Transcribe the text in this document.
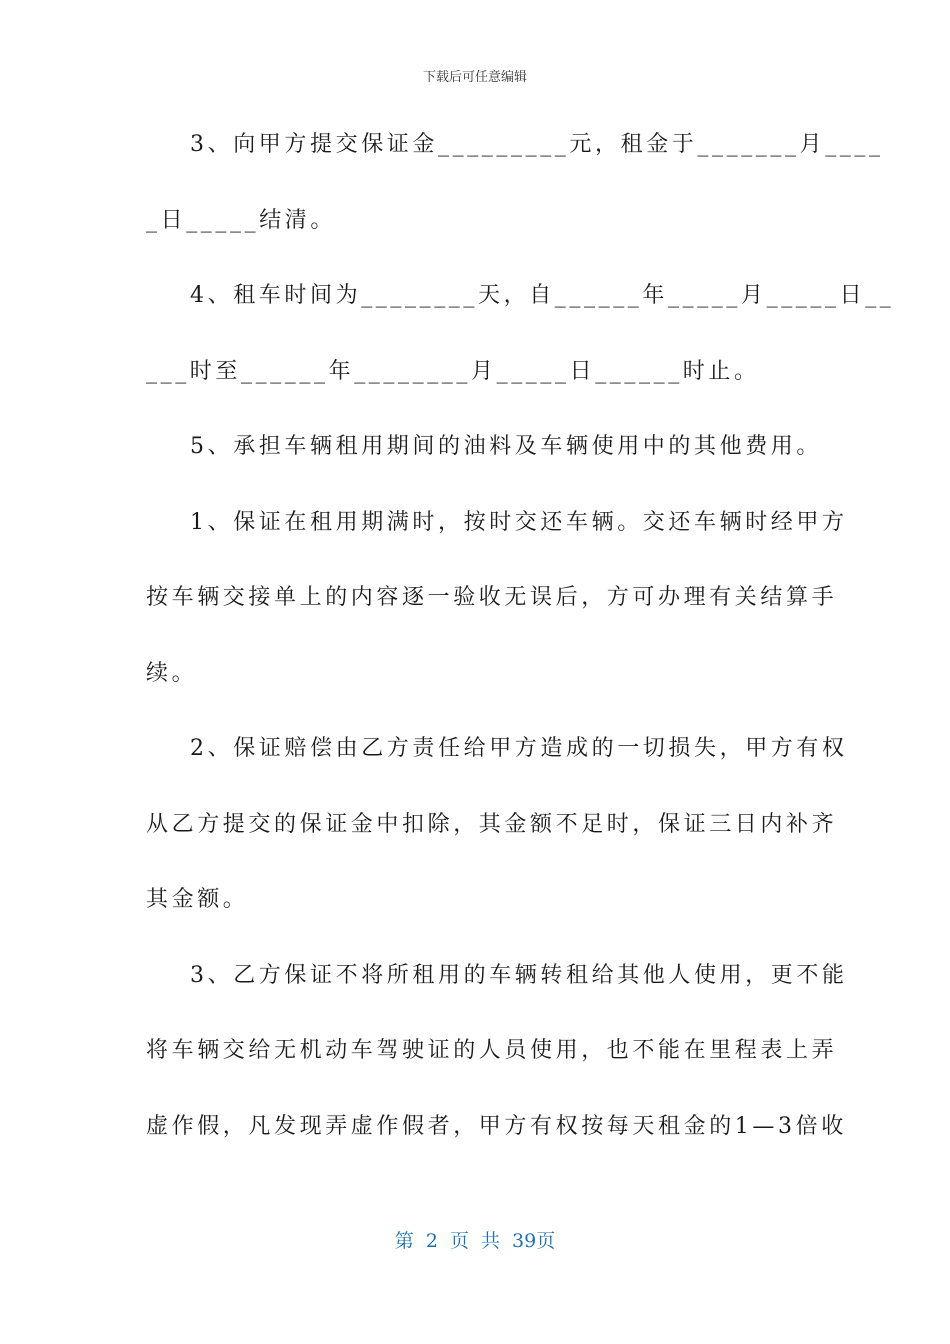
下载后可任意编辑
3、向甲方提交保证金_________元，租金于_______月____
_日_____结清。
4、租车时间为________天，自______年_____月_____日__
___时至______年________月_____日______时止。
5、承担车辆租用期间的油料及车辆使用中的其他费用。
1、保证在租用期满时，按时交还车辆。交还车辆时经甲方
按车辆交接单上的内容逐一验收无误后，方可办理有关结算手
续。
2、保证赔偿由乙方责任给甲方造成的一切损失，甲方有权
从乙方提交的保证金中扣除，其金额不足时，保证三日内补齐
其金额。
3、乙方保证不将所租用的车辆转租给其他人使用，更不能
将车辆交给无机动车驾驶证的人员使用，也不能在里程表上弄
虚作假，凡发现弄虚作假者，甲方有权按每天租金的1—3倍收
第 2 页 共 39页
